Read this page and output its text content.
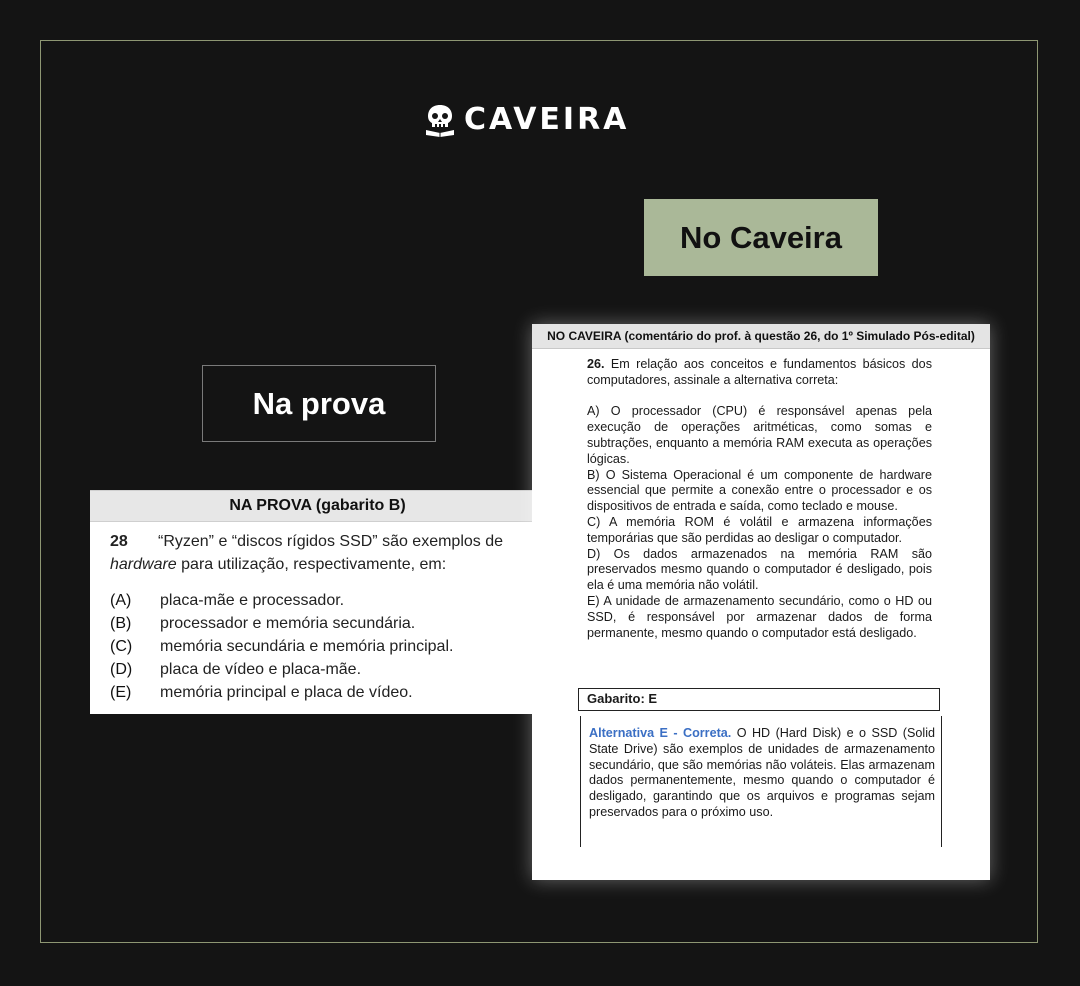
CAVEIRA
No Caveira
Na prova
NA PROVA (gabarito B)
28 “Ryzen” e “discos rígidos SSD” são exemplos de
hardware para utilização, respectivamente, em:
(A)	placa-mãe e processador.
(B)	processador e memória secundária.
(C)	memória secundária e memória principal.
(D)	placa de vídeo e placa-mãe.
(E)	memória principal e placa de vídeo.
NO CAVEIRA (comentário do prof. à questão 26, do 1º Simulado Pós-edital)

26. Em relação aos conceitos e fundamentos básicos dos computadores, assinale a alternativa correta:

A) O processador (CPU) é responsável apenas pela execução de operações aritméticas, como somas e subtrações, enquanto a memória RAM executa as operações lógicas.

B) O Sistema Operacional é um componente de hardware essencial que permite a conexão entre o processador e os dispositivos de entrada e saída, como teclado e mouse.

C) A memória ROM é volátil e armazena informações temporárias que são perdidas ao desligar o computador.

D) Os dados armazenados na memória RAM são preservados mesmo quando o computador é desligado, pois ela é uma memória não volátil.

E) A unidade de armazenamento secundário, como o HD ou SSD, é responsável por armazenar dados de forma permanente, mesmo quando o computador está desligado.

Gabarito: E
Alternativa E - Correta. O HD (Hard Disk) e o SSD (Solid State Drive) são exemplos de unidades de armazenamento secundário, que são memórias não voláteis. Elas armazenam dados permanentemente, mesmo quando o computador é desligado, garantindo que os arquivos e programas sejam preservados para o próximo uso.
